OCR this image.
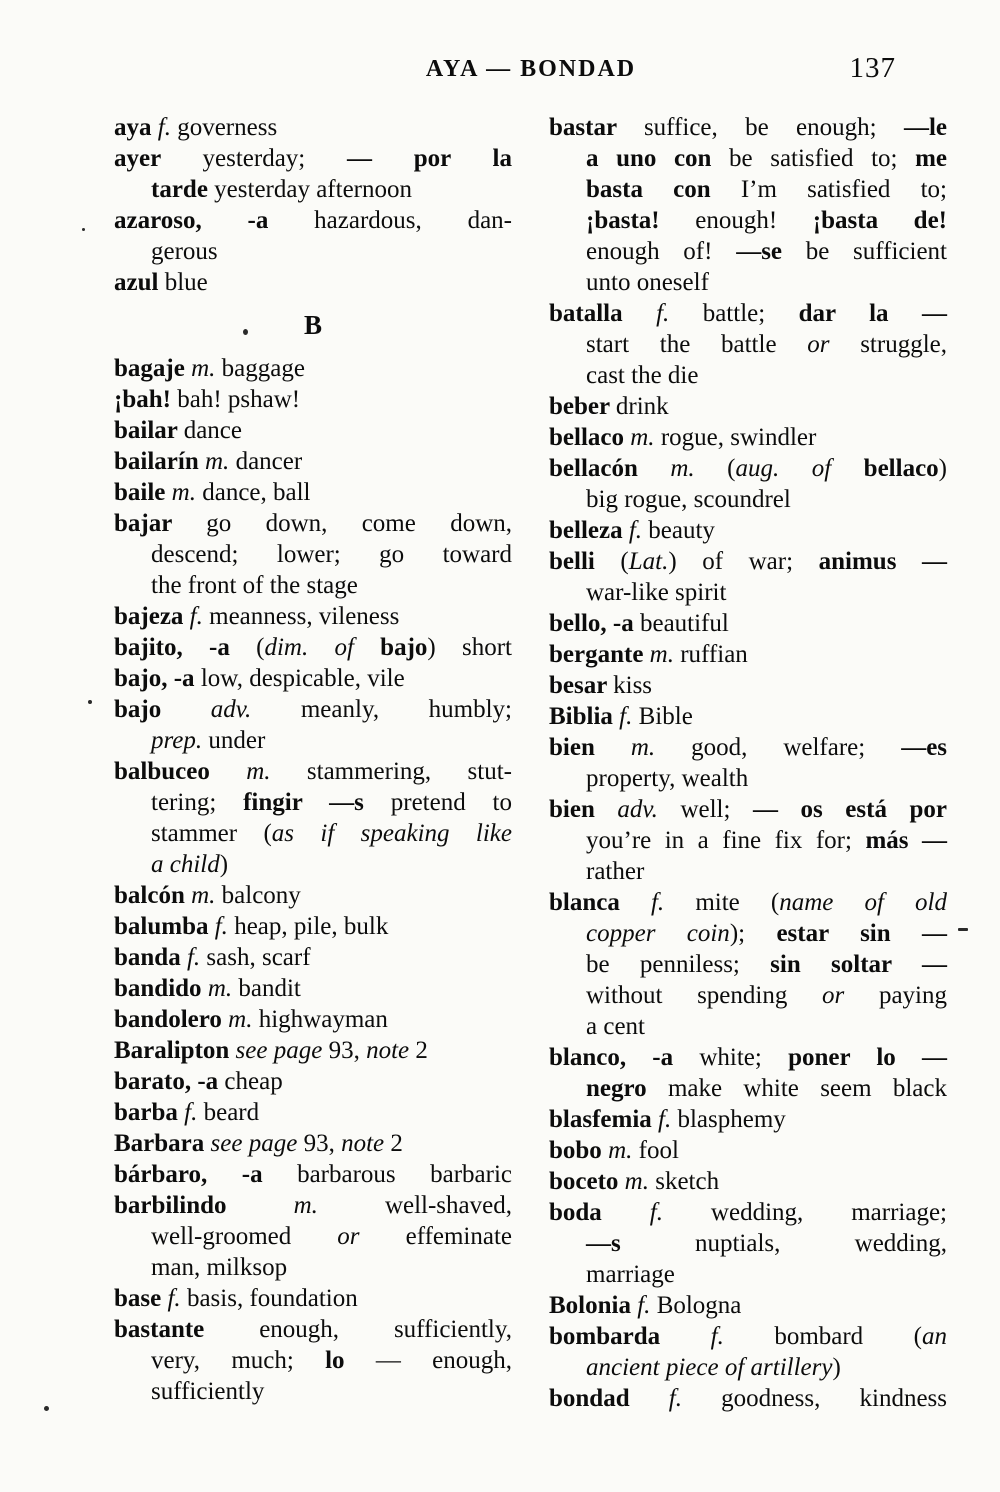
AYA — BONDAD	137
aya f. governess
ayer yesterday; — por la
tarde yesterday afternoon
azaroso, -a hazardous, dan-
gerous
azul blue
B
bagaje m. baggage
¡bah! bah! pshaw!
bailar dance
bailarín m. dancer
baile m. dance, ball
bajar go down, come down,
descend; lower; go toward
the front of the stage
bajeza f. meanness, vileness
bajito, -a (dim. of bajo) short
bajo, -a low, despicable, vile
bajo adv. meanly, humbly;
prep. under
balbuceo m. stammering, stut-
tering; fingir —s pretend to
stammer (as if speaking like
a child)
balcón m. balcony
balumba f. heap, pile, bulk
banda f. sash, scarf
bandido m. bandit
bandolero m. highwayman
Baralipton see page 93, note 2
barato, -a cheap
barba f. beard
Barbara see page 93, note 2
bárbaro, -a barbarous barbaric
barbilindo m. well-shaved,
well-groomed or effeminate
man, milksop
base f. basis, foundation
bastante enough, sufficiently,
very, much; lo — enough,
sufficiently
bastar suffice, be enough; —le
a uno con be satisfied to; me
basta con I’m satisfied to;
¡basta! enough! ¡basta de!
enough of! —se be sufficient
unto oneself
batalla f. battle; dar la —
start the battle or struggle,
cast the die
beber drink
bellaco m. rogue, swindler
bellacón m. (aug. of bellaco)
big rogue, scoundrel
belleza f. beauty
belli (Lat.) of war; animus —
war-like spirit
bello, -a beautiful
bergante m. ruffian
besar kiss
Biblia f. Bible
bien m. good, welfare; —es
property, wealth
bien adv. well; — os está por
you’re in a fine fix for; más —
rather
blanca f. mite (name of old
copper coin); estar sin —
be penniless; sin soltar —
without spending or paying
a cent
blanco, -a white; poner lo —
negro make white seem black
blasfemia f. blasphemy
bobo m. fool
boceto m. sketch
boda f. wedding, marriage;
—s nuptials, wedding,
marriage
Bolonia f. Bologna
bombarda f. bombard (an
ancient piece of artillery)
bondad f. goodness, kindness
